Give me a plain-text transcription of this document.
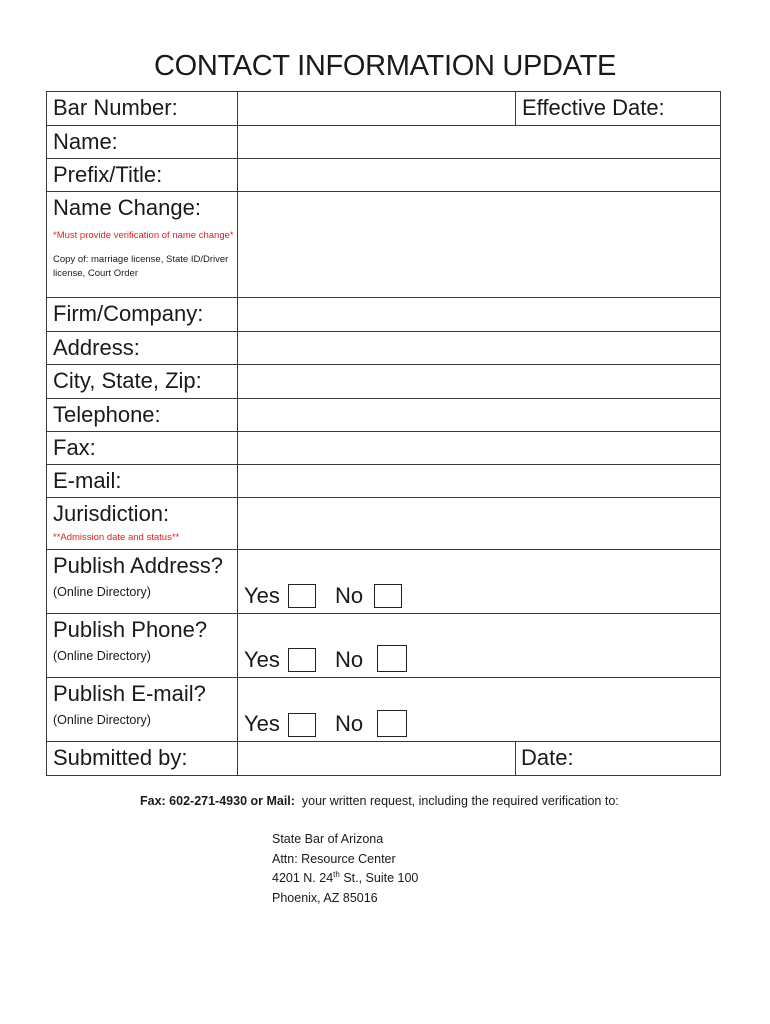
CONTACT INFORMATION UPDATE
Bar Number:		Effective Date:

Name:

Prefix/Title:

Name Change:
*Must provide verification of name change*
Copy of: marriage license, State ID/Driver license, Court Order

Firm/Company:

Address:

City, State, Zip:

Telephone:

Fax:

E-mail:

Jurisdiction:
**Admission date and status**

Publish Address?
(Online Directory)	Yes No	

Publish Phone?
(Online Directory)	Yes No	

Publish E-mail?
(Online Directory)	Yes No	

Submitted by:		Date:
Fax: 602-271-4930 or Mail: your written request, including the required verification to:
State Bar of Arizona
Attn: Resource Center
4201 N. 24th St., Suite 100
Phoenix, AZ 85016
